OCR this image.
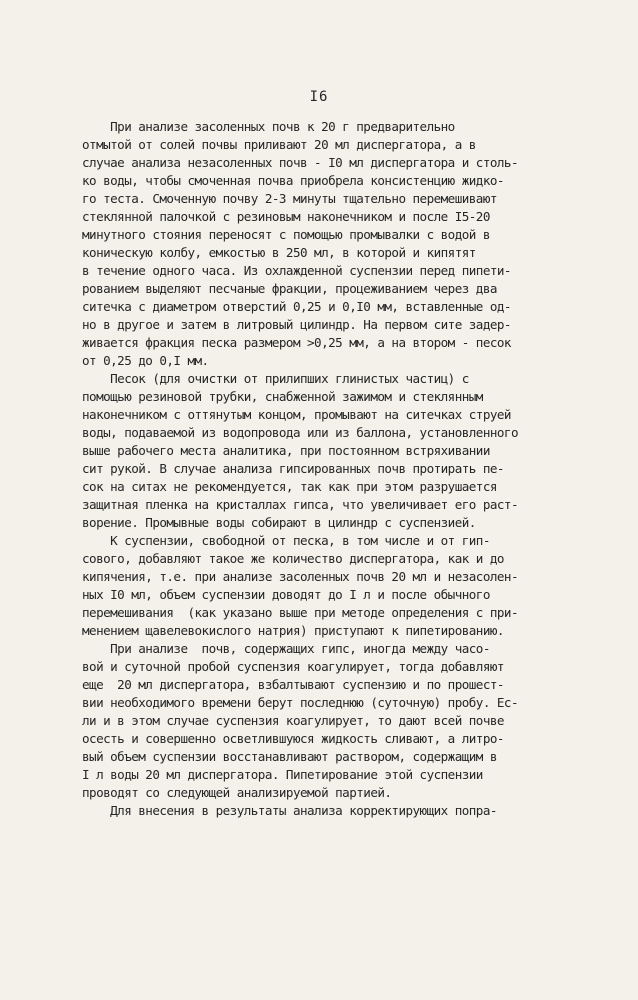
I6
При анализе засоленных почв к 20 г предварительно
отмытой от солей почвы приливают 20 мл диспергатора, а в
случае анализа незасоленных почв - I0 мл диспергатора и столь-
ко воды, чтобы смоченная почва приобрела консистенцию жидко-
го теста. Смоченную почву 2-3 минуты тщательно перемешивают
стеклянной палочкой с резиновым наконечником и после I5-20
минутного стояния переносят с помощью промывалки с водой в
коническую колбу, емкостью в 250 мл, в которой и кипятят
в течение одного часа. Из охлажденной суспензии перед пипети-
рованием выделяют песчаные фракции, процеживанием через два
ситечка с диаметром отверстий 0,25 и 0,I0 мм, вставленные од-
но в другое и затем в литровый цилиндр. На первом сите задер-
живается фракция песка размером >0,25 мм, а на втором - песок
от 0,25 до 0,I мм.
Песок (для очистки от прилипших глинистых частиц) с
помощью резиновой трубки, снабженной зажимом и стеклянным
наконечником с оттянутым концом, промывают на ситечках струей
воды, подаваемой из водопровода или из баллона, установленного
выше рабочего места аналитика, при постоянном встряхивании
сит рукой. В случае анализа гипсированных почв протирать пе-
сок на ситах не рекомендуется, так как при этом разрушается
защитная пленка на кристаллах гипса, что увеличивает его раст-
ворение. Промывные воды собирают в цилиндр с суспензией.
К суспензии, свободной от песка, в том числе и от гип-
сового, добавляют такое же количество диспергатора, как и до
кипячения, т.е. при анализе засоленных почв 20 мл и незасолен-
ных I0 мл, объем суспензии доводят до I л и после обычного
перемешивания  (как указано выше при методе определения с при-
менением щавелевокислого натрия) приступают к пипетированию.
При анализе  почв, содержащих гипс, иногда между часо-
вой и суточной пробой суспензия коагулирует, тогда добавляют
еще  20 мл диспергатора, взбалтывают суспензию и по прошест-
вии необходимого времени берут последнюю (суточную) пробу. Ес-
ли и в этом случае суспензия коагулирует, то дают всей почве
осесть и совершенно осветлившуюся жидкость сливают, а литро-
вый объем суспензии восстанавливают раствором, содержащим в
I л воды 20 мл диспергатора. Пипетирование этой суспензии
проводят со следующей анализируемой партией.
Для внесения в результаты анализа корректирующих попра-
